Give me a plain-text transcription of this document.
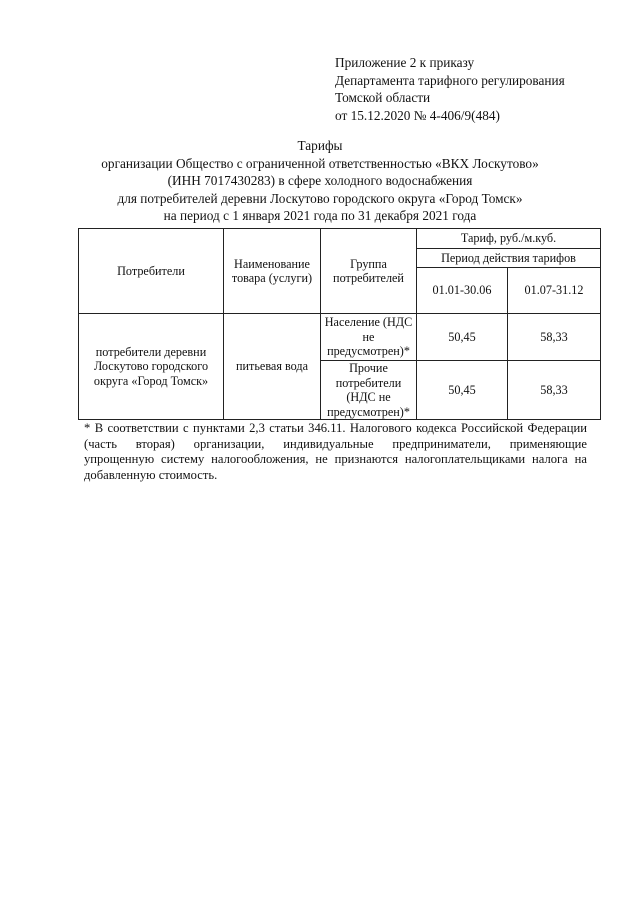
Приложение 2 к приказу
Департамента тарифного регулирования
Томской области
от 15.12.2020 № 4-406/9(484)
Тарифы
организации Общество с ограниченной ответственностью «ВКХ Лоскутово»
(ИНН 7017430283) в сфере холодного водоснабжения
для потребителей деревни Лоскутово городского округа «Город Томск»
на период с 1 января 2021 года по 31 декабря 2021 года
Потребители	Наименование товара (услуги)	Группа потребителей	Тариф, руб./м.куб.	
			Период действия тарифов	
			01.01-30.06	01.07-31.12
потребители деревни Лоскутово городского округа «Город Томск»	питьевая вода	Население (НДС не предусмотрен)*	50,45	58,33
		Прочие потребители (НДС не предусмотрен)*	50,45	58,33
* В соответствии с пунктами 2,3 статьи 346.11. Налогового кодекса Российской Федерации
(часть вторая) организации, индивидуальные предприниматели, применяющие
упрощенную систему налогообложения, не признаются налогоплательщиками налога на
добавленную стоимость.
